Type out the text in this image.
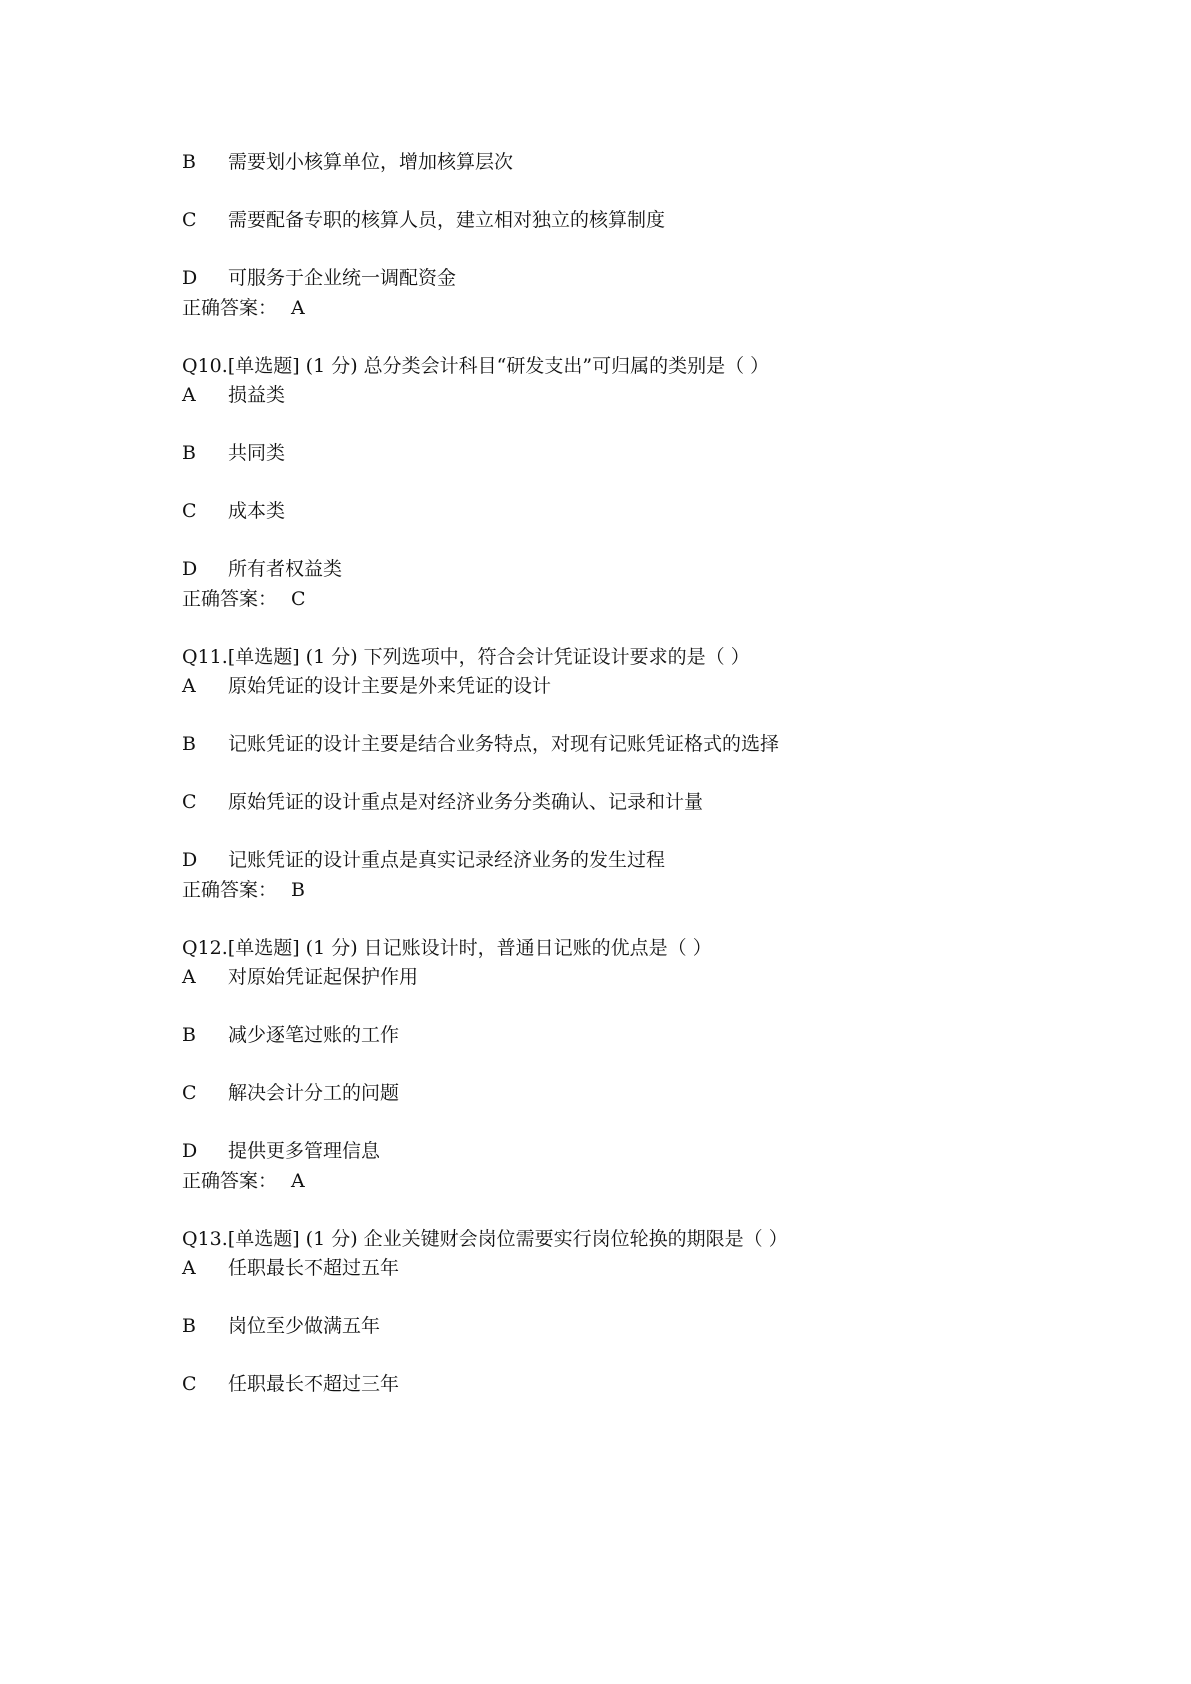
B 需要划小核算单位，增加核算层次
C 需要配备专职的核算人员，建立相对独立的核算制度
D 可服务于企业统一调配资金
正确答案： A
Q10.[单选题] (1 分) 总分类会计科目“研发支出”可归属的类别是（ ）
A 损益类
B 共同类
C 成本类
D 所有者权益类
正确答案： C
Q11.[单选题] (1 分) 下列选项中，符合会计凭证设计要求的是（ ）
A 原始凭证的设计主要是外来凭证的设计
B 记账凭证的设计主要是结合业务特点，对现有记账凭证格式的选择
C 原始凭证的设计重点是对经济业务分类确认、记录和计量
D 记账凭证的设计重点是真实记录经济业务的发生过程
正确答案： B
Q12.[单选题] (1 分) 日记账设计时，普通日记账的优点是（ ）
A 对原始凭证起保护作用
B 减少逐笔过账的工作
C 解决会计分工的问题
D 提供更多管理信息
正确答案： A
Q13.[单选题] (1 分) 企业关键财会岗位需要实行岗位轮换的期限是（ ）
A 任职最长不超过五年
B 岗位至少做满五年
C 任职最长不超过三年
